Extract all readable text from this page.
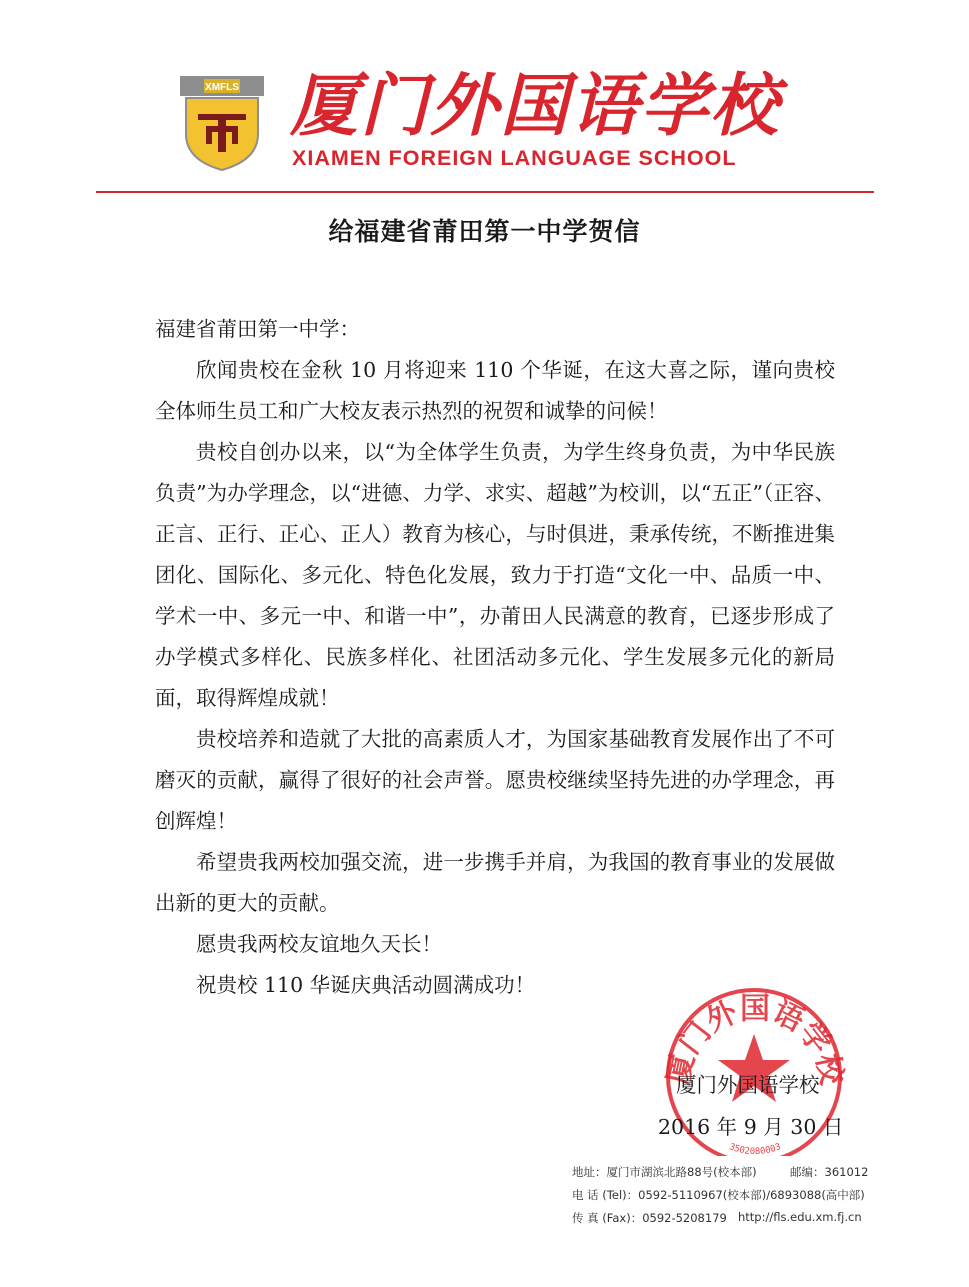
XMFLS 厦门外国语学校
XIAMEN FOREIGN LANGUAGE SCHOOL
给福建省莆田第一中学贺信

福建省莆田第一中学：

欣闻贵校在金秋 10 月将迎来 110 个华诞，在这大喜之际，谨向贵校全体师生员工和广大校友表示热烈的祝贺和诚挚的问候！

贵校自创办以来，以“为全体学生负责，为学生终身负责，为中华民族负责”为办学理念，以“进德、力学、求实、超越”为校训，以“五正”（正容、正言、正行、正心、正人）教育为核心，与时俱进，秉承传统，不断推进集团化、国际化、多元化、特色化发展，致力于打造“文化一中、品质一中、学术一中、多元一中、和谐一中”，办莆田人民满意的教育，已逐步形成了办学模式多样化、民族多样化、社团活动多元化、学生发展多元化的新局面，取得辉煌成就！

贵校培养和造就了大批的高素质人才，为国家基础教育发展作出了不可磨灭的贡献，赢得了很好的社会声誉。愿贵校继续坚持先进的办学理念，再创辉煌！

希望贵我两校加强交流，进一步携手并肩，为我国的教育事业的发展做出新的更大的贡献。

愿贵我两校友谊地久天长！

祝贵校 110 华诞庆典活动圆满成功！

厦门外国语学校
3502080003
厦门外国语学校
2016 年 9 月 30 日
地址：厦门市湖滨北路88号(校本部)	邮编：361012
电 话 (Tel)：0592-5110967(校本部)/6893088(高中部)
传 真 (Fax)：0592-5208179 http://fls.edu.xm.fj.cn
